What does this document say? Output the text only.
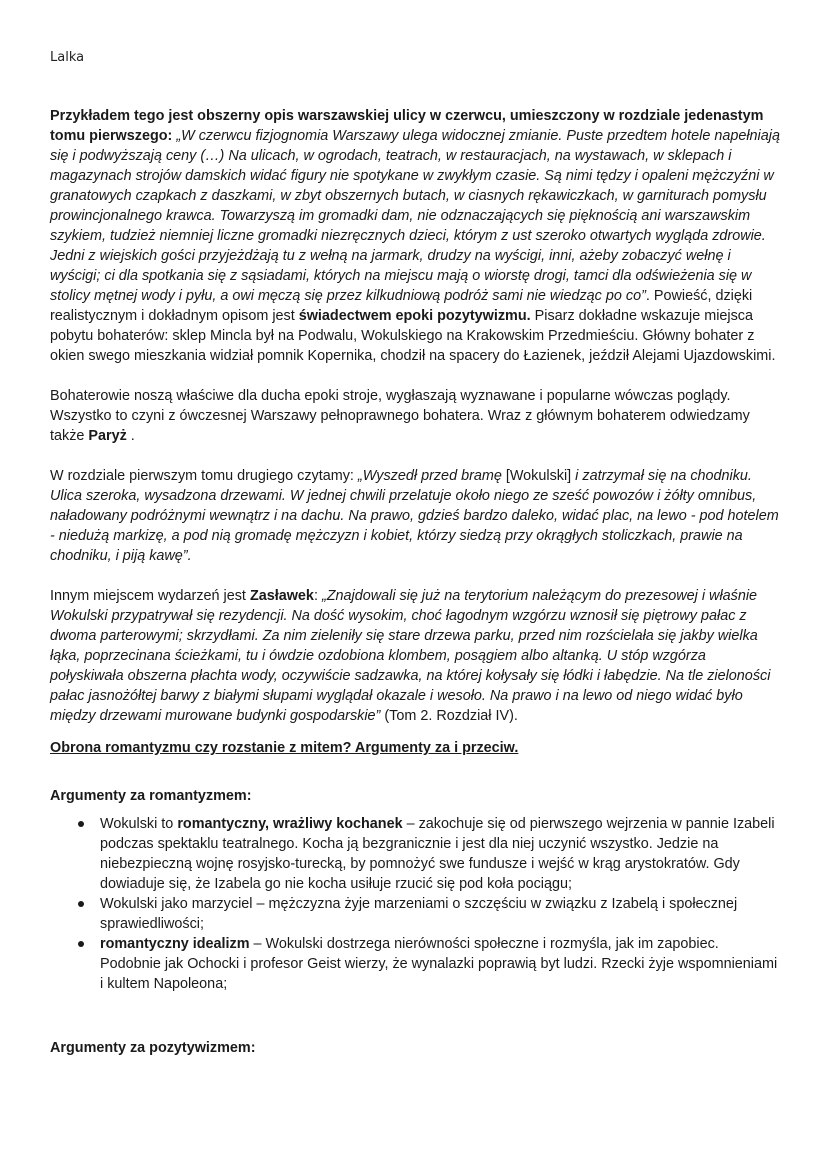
Lalka

Przykładem tego jest obszerny opis warszawskiej ulicy w czerwcu, umieszczony w rozdziale jedenastym tomu pierwszego: „W czerwcu fizjognomia Warszawy ulega widocznej zmianie. Puste przedtem hotele napełniają się i podwyższają ceny (…) Na ulicach, w ogrodach, teatrach, w restauracjach, na wystawach, w sklepach i magazynach strojów damskich widać figury nie spotykane w zwykłym czasie. Są nimi tędzy i opaleni mężczyźni w granatowych czapkach z daszkami, w zbyt obszernych butach, w ciasnych rękawiczkach, w garniturach pomysłu prowincjonalnego krawca. Towarzyszą im gromadki dam, nie odznaczających się pięknością ani warszawskim szykiem, tudzież niemniej liczne gromadki niezręcznych dzieci, którym z ust szeroko otwartych wygląda zdrowie. Jedni z wiejskich gości przyjeżdżają tu z wełną na jarmark, drudzy na wyścigi, inni, ażeby zobaczyć wełnę i wyścigi; ci dla spotkania się z sąsiadami, których na miejscu mają o wiorstę drogi, tamci dla odświeżenia się w stolicy mętnej wody i pyłu, a owi męczą się przez kilkudniową podróż sami nie wiedząc po co”. Powieść, dzięki realistycznym i dokładnym opisom jest świadectwem epoki pozytywizmu. Pisarz dokładne wskazuje miejsca pobytu bohaterów: sklep Mincla był na Podwalu, Wokulskiego na Krakowskim Przedmieściu. Główny bohater z okien swego mieszkania widział pomnik Kopernika, chodził na spacery do Łazienek, jeździł Alejami Ujazdowskimi.

Bohaterowie noszą właściwe dla ducha epoki stroje, wygłaszają wyznawane i popularne wówczas poglądy. Wszystko to czyni z ówczesnej Warszawy pełnoprawnego bohatera. Wraz z głównym bohaterem odwiedzamy także Paryż .

W rozdziale pierwszym tomu drugiego czytamy: „Wyszedł przed bramę [Wokulski] i zatrzymał się na chodniku. Ulica szeroka, wysadzona drzewami. W jednej chwili przelatuje około niego ze sześć powozów i żółty omnibus, naładowany podróżnymi wewnątrz i na dachu. Na prawo, gdzieś bardzo daleko, widać plac, na lewo - pod hotelem - niedużą markizę, a pod nią gromadę mężczyzn i kobiet, którzy siedzą przy okrągłych stoliczkach, prawie na chodniku, i piją kawę”.

Innym miejscem wydarzeń jest Zasławek: „Znajdowali się już na terytorium należącym do prezesowej i właśnie Wokulski przypatrywał się rezydencji. Na dość wysokim, choć łagodnym wzgórzu wznosił się piętrowy pałac z dwoma parterowymi; skrzydłami. Za nim zieleniły się stare drzewa parku, przed nim rozścielała się jakby wielka łąka, poprzecinana ścieżkami, tu i ówdzie ozdobiona klombem, posągiem albo altanką. U stóp wzgórza połyskiwała obszerna płachta wody, oczywiście sadzawka, na której kołysały się łódki i łabędzie. Na tle zieloności pałac jasnożółtej barwy z białymi słupami wyglądał okazale i wesoło. Na prawo i na lewo od niego widać było między drzewami murowane budynki gospodarskie” (Tom 2. Rozdział IV).

Obrona romantyzmu czy rozstanie z mitem? Argumenty za i przeciw.

Argumenty za romantyzmem:
Wokulski to romantyczny, wrażliwy kochanek – zakochuje się od pierwszego wejrzenia w pannie Izabeli podczas spektaklu teatralnego. Kocha ją bezgranicznie i jest dla niej uczynić wszystko. Jedzie na niebezpieczną wojnę rosyjsko-turecką, by pomnożyć swe fundusze i wejść w krąg arystokratów. Gdy dowiaduje się, że Izabela go nie kocha usiłuje rzucić się pod koła pociągu;
Wokulski jako marzyciel – mężczyzna żyje marzeniami o szczęściu w związku z Izabelą i społecznej sprawiedliwości;
romantyczny idealizm – Wokulski dostrzega nierówności społeczne i rozmyśla, jak im zapobiec. Podobnie jak Ochocki i profesor Geist wierzy, że wynalazki poprawią byt ludzi. Rzecki żyje wspomnieniami i kultem Napoleona;
Argumenty za pozytywizmem:
